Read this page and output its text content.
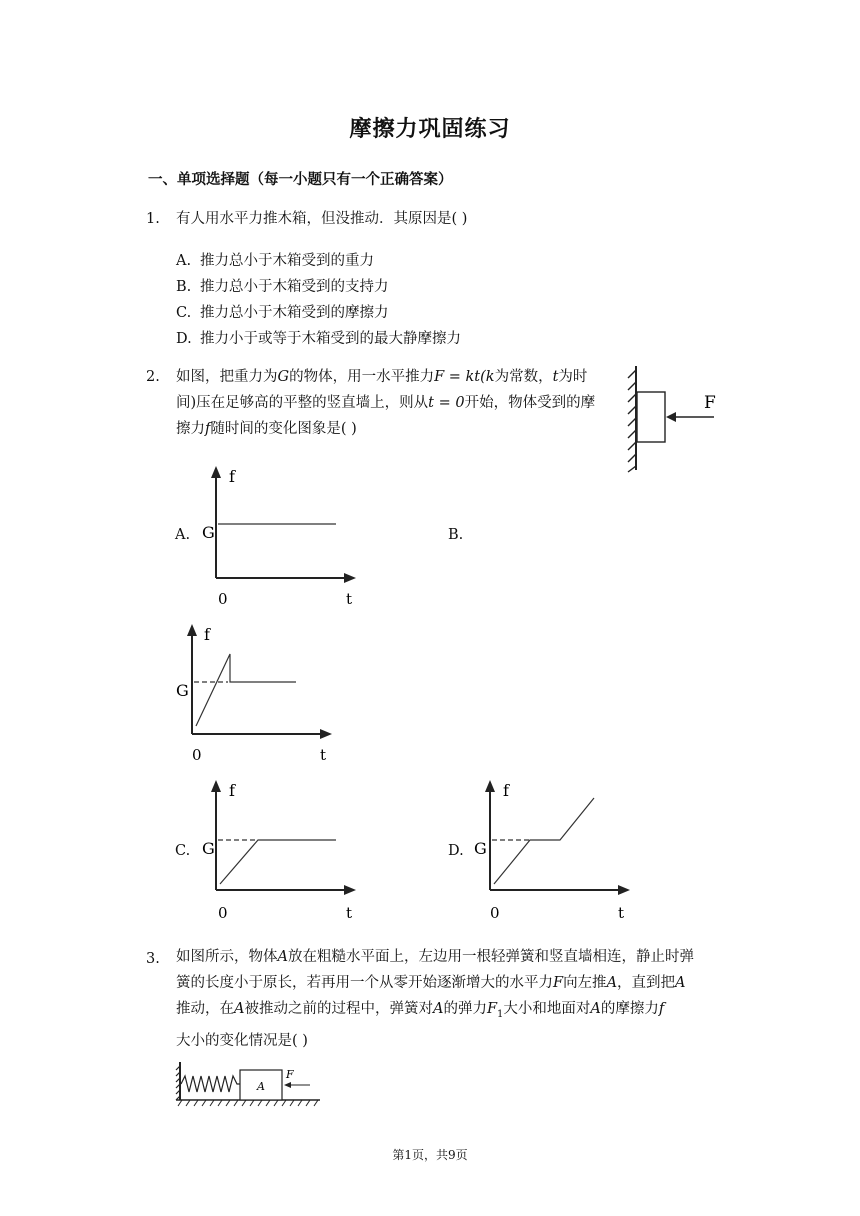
摩擦力巩固练习
一、单项选择题（每一小题只有一个正确答案）
1. 有人用水平力推木箱，但没推动．其原因是( )
A. 推力总小于木箱受到的重力
B. 推力总小于木箱受到的支持力
C. 推力总小于木箱受到的摩擦力
D. 推力小于或等于木箱受到的最大静摩擦力
2. 如图，把重力为G的物体，用一水平推力F = kt(k为常数，t为时
间)压在足够高的平整的竖直墙上，则从t = 0开始，物体受到的摩
擦力f随时间的变化图象是( )
F
A.
f
G
0	t
B.
f
G
0	t
C.
f
G
0	t
D.
f
G
0	t
3. 如图所示，物体A放在粗糙水平面上，左边用一根轻弹簧和竖直墙相连，静止时弹
簧的长度小于原长，若再用一个从零开始逐渐增大的水平力F向左推A，直到把A
推动，在A被推动之前的过程中，弹簧对A的弹力$F_1$大小和地面对A的摩擦力f
大小的变化情况是( )
A
F
第1页，共9页
